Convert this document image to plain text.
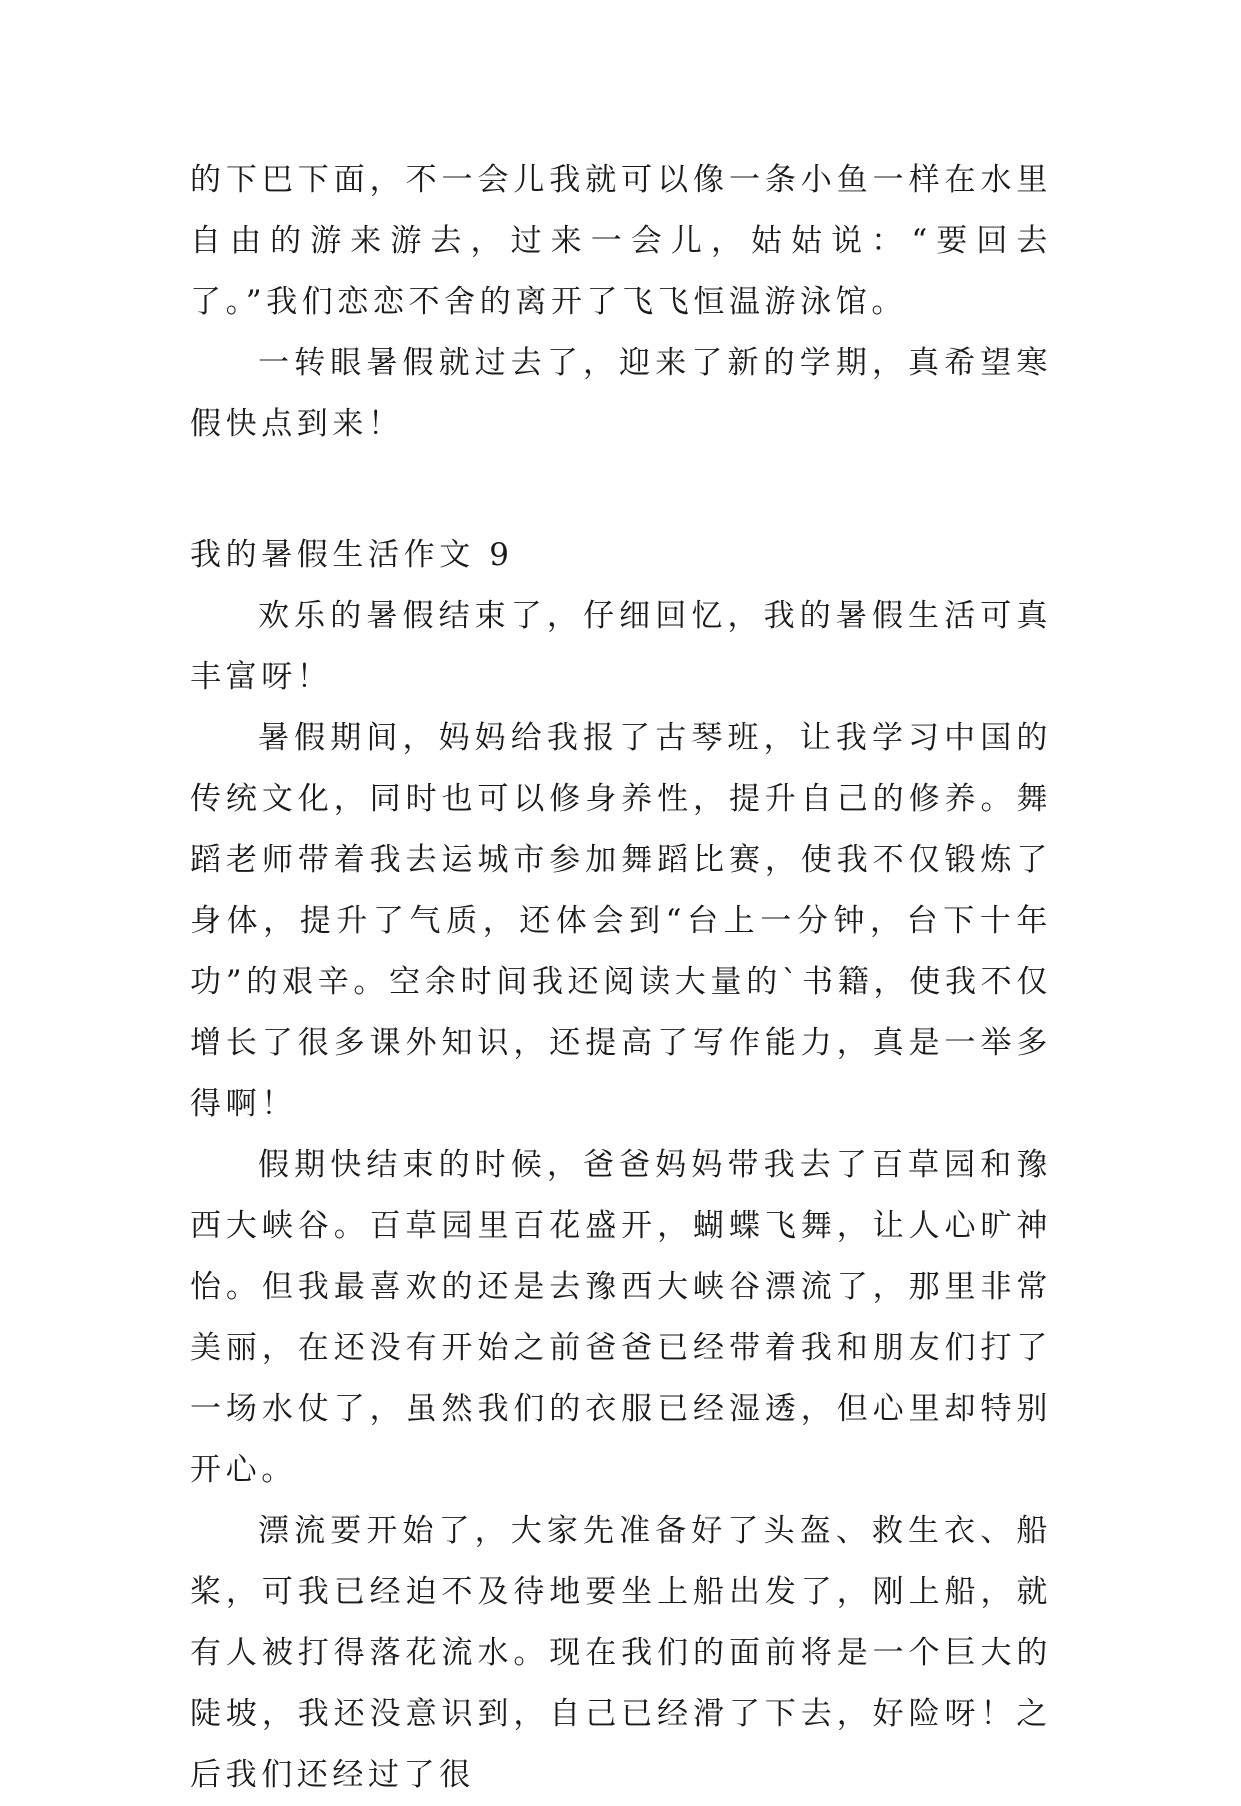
的下巴下面，不一会儿我就可以像一条小鱼一样在水里自由的游来游去，过来一会儿，姑姑说：“要回去了。”我们恋恋不舍的离开了飞飞恒温游泳馆。

一转眼暑假就过去了，迎来了新的学期，真希望寒假快点到来！

我的暑假生活作文 9

欢乐的暑假结束了，仔细回忆，我的暑假生活可真丰富呀！

暑假期间，妈妈给我报了古琴班，让我学习中国的传统文化，同时也可以修身养性，提升自己的修养。舞蹈老师带着我去运城市参加舞蹈比赛，使我不仅锻炼了身体，提升了气质，还体会到“台上一分钟，台下十年功”的艰辛。空余时间我还阅读大量的`书籍，使我不仅增长了很多课外知识，还提高了写作能力，真是一举多得啊！

假期快结束的时候，爸爸妈妈带我去了百草园和豫西大峡谷。百草园里百花盛开，蝴蝶飞舞，让人心旷神怡。但我最喜欢的还是去豫西大峡谷漂流了，那里非常美丽，在还没有开始之前爸爸已经带着我和朋友们打了一场水仗了，虽然我们的衣服已经湿透，但心里却特别开心。

漂流要开始了，大家先准备好了头盔、救生衣、船桨，可我已经迫不及待地要坐上船出发了，刚上船，就有人被打得落花流水。现在我们的面前将是一个巨大的陡坡，我还没意识到，自己已经滑了下去，好险呀！之后我们还经过了很
